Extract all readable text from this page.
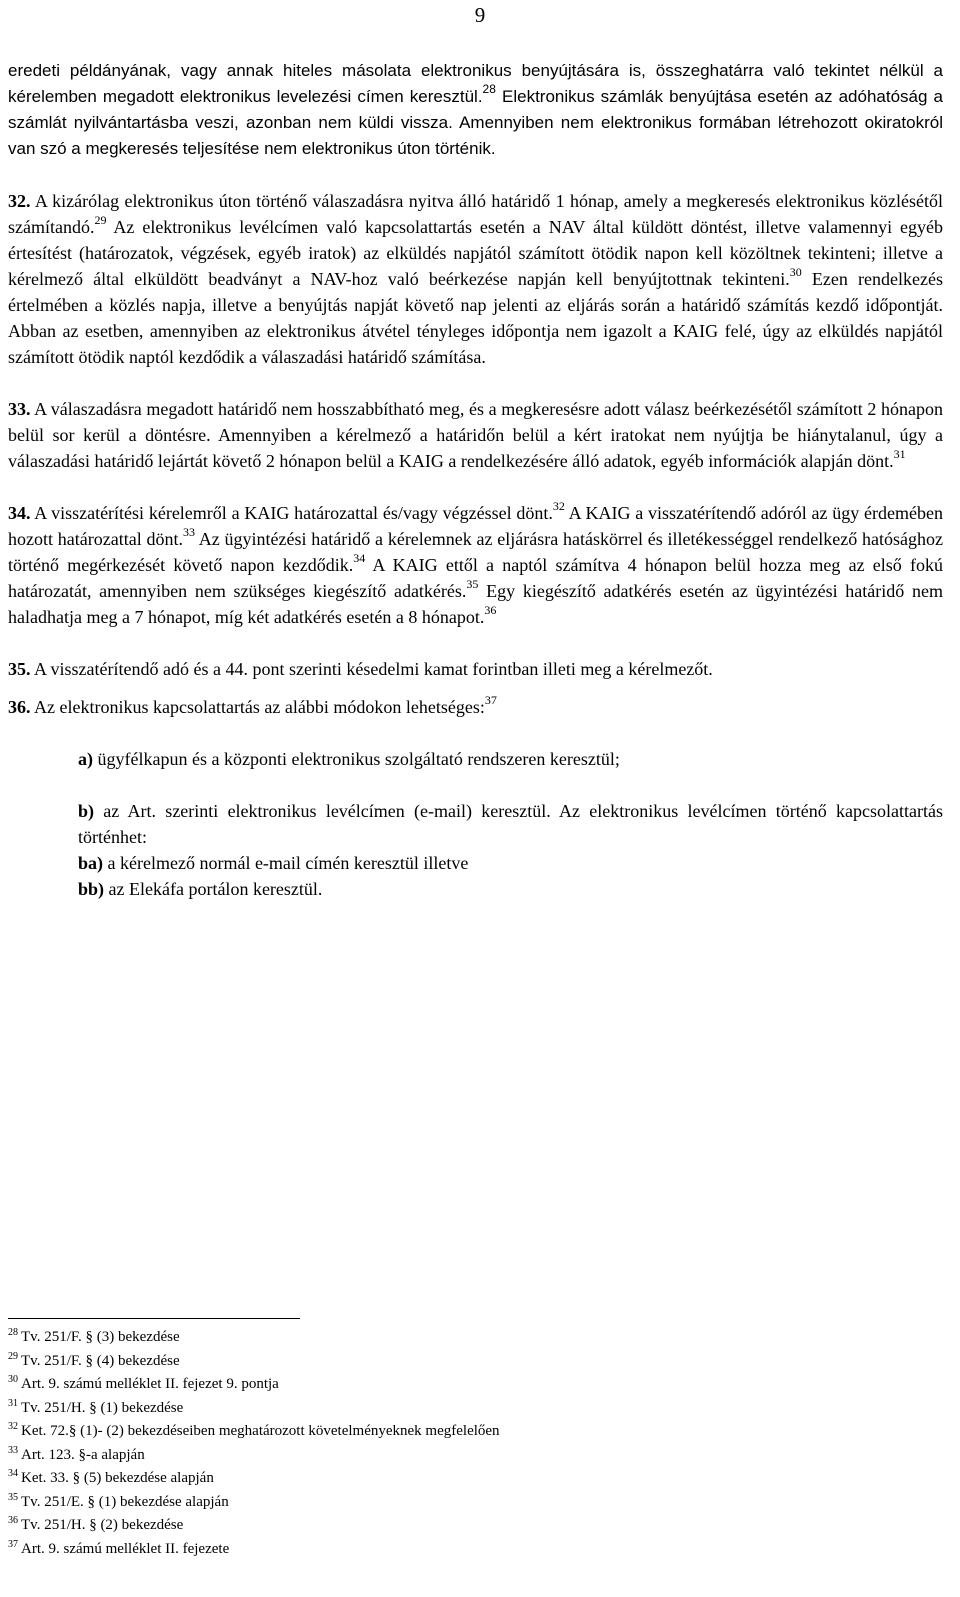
9

eredeti példányának, vagy annak hiteles másolata elektronikus benyújtására is, összeghatárra való tekintet nélkül a kérelemben megadott elektronikus levelezési címen keresztül.$^{28}$ Elektronikus számlák benyújtása esetén az adóhatóság a számlát nyilvántartásba veszi, azonban nem küldi vissza. Amennyiben nem elektronikus formában létrehozott okiratokról van szó a megkeresés teljesítése nem elektronikus úton történik.

32. A kizárólag elektronikus úton történő válaszadásra nyitva álló határidő 1 hónap, amely a megkeresés elektronikus közlésétől számítandó.$^{29}$ Az elektronikus levélcímen való kapcsolattartás esetén a NAV által küldött döntést, illetve valamennyi egyéb értesítést (határozatok, végzések, egyéb iratok) az elküldés napjától számított ötödik napon kell közöltnek tekinteni; illetve a kérelmező által elküldött beadványt a NAV-hoz való beérkezése napján kell benyújtottnak tekinteni.$^{30}$ Ezen rendelkezés értelmében a közlés napja, illetve a benyújtás napját követő nap jelenti az eljárás során a határidő számítás kezdő időpontját. Abban az esetben, amennyiben az elektronikus átvétel tényleges időpontja nem igazolt a KAIG felé, úgy az elküldés napjától számított ötödik naptól kezdődik a válaszadási határidő számítása.

33. A válaszadásra megadott határidő nem hosszabbítható meg, és a megkeresésre adott válasz beérkezésétől számított 2 hónapon belül sor kerül a döntésre. Amennyiben a kérelmező a határidőn belül a kért iratokat nem nyújtja be hiánytalanul, úgy a válaszadási határidő lejártát követő 2 hónapon belül a KAIG a rendelkezésére álló adatok, egyéb információk alapján dönt.$^{31}$

34. A visszatérítési kérelemről a KAIG határozattal és/vagy végzéssel dönt.$^{32}$ A KAIG a visszatérítendő adóról az ügy érdemében hozott határozattal dönt.$^{33}$ Az ügyintézési határidő a kérelemnek az eljárásra hatáskörrel és illetékességgel rendelkező hatósághoz történő megérkezését követő napon kezdődik.$^{34}$ A KAIG ettől a naptól számítva 4 hónapon belül hozza meg az első fokú határozatát, amennyiben nem szükséges kiegészítő adatkérés.$^{35}$ Egy kiegészítő adatkérés esetén az ügyintézési határidő nem haladhatja meg a 7 hónapot, míg két adatkérés esetén a 8 hónapot.$^{36}$

35. A visszatérítendő adó és a 44. pont szerinti késedelmi kamat forintban illeti meg a kérelmezőt.

36. Az elektronikus kapcsolattartás az alábbi módokon lehetséges:$^{37}$

a) ügyfélkapun és a központi elektronikus szolgáltató rendszeren keresztül;

b) az Art. szerinti elektronikus levélcímen (e-mail) keresztül. Az elektronikus levélcímen történő kapcsolattartás történhet:

ba) a kérelmező normál e-mail címén keresztül illetve

bb) az Elekáfa portálon keresztül.

$^{28}$ Tv. 251/F. § (3) bekezdése
$^{29}$ Tv. 251/F. § (4) bekezdése
$^{30}$ Art. 9. számú melléklet II. fejezet 9. pontja
$^{31}$ Tv. 251/H. § (1) bekezdése
$^{32}$ Ket. 72.§ (1)- (2) bekezdéseiben meghatározott követelményeknek megfelelően
$^{33}$ Art. 123. §-a alapján
$^{34}$ Ket. 33. § (5) bekezdése alapján
$^{35}$ Tv. 251/E. § (1) bekezdése alapján
$^{36}$ Tv. 251/H. § (2) bekezdése
$^{37}$ Art. 9. számú melléklet II. fejezete
